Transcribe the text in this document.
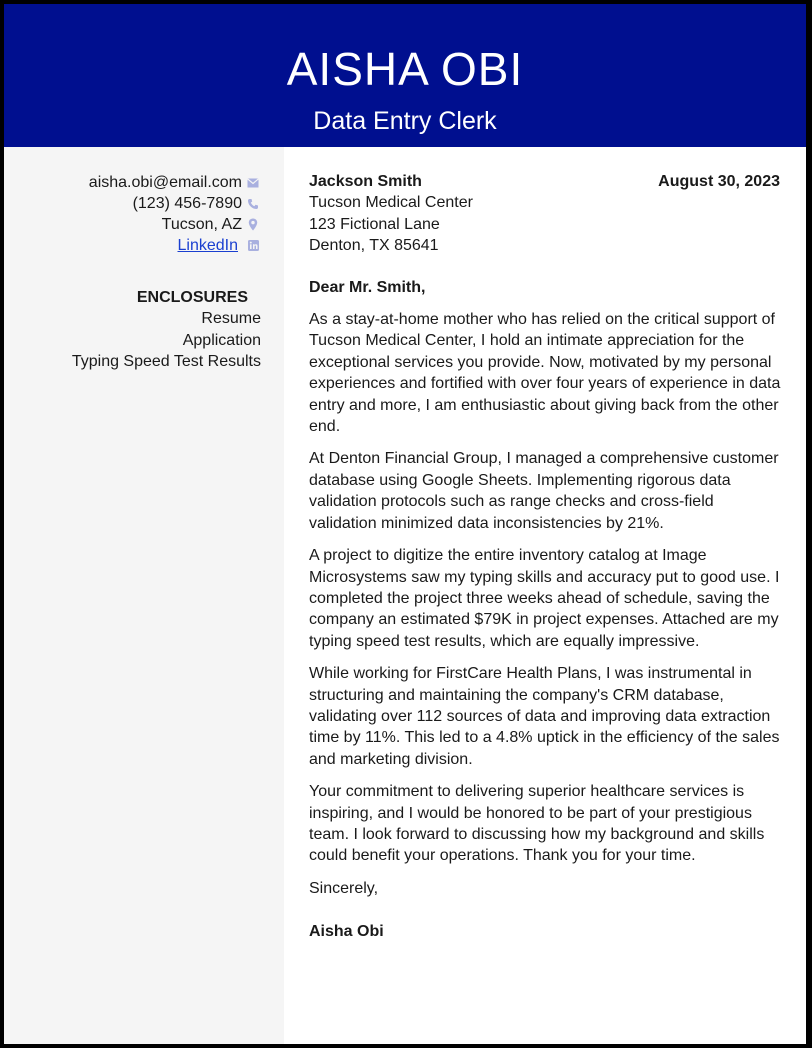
AISHA OBI
Data Entry Clerk
aisha.obi@email.com
(123) 456-7890
Tucson, AZ
LinkedIn
ENCLOSURES
Resume
Application
Typing Speed Test Results
Jackson Smith	August 30, 2023
Tucson Medical Center
123 Fictional Lane
Denton, TX 85641
Dear Mr. Smith,
As a stay-at-home mother who has relied on the critical support of Tucson Medical Center, I hold an intimate appreciation for the exceptional services you provide. Now, motivated by my personal experiences and fortified with over four years of experience in data entry and more, I am enthusiastic about giving back from the other end.
At Denton Financial Group, I managed a comprehensive customer database using Google Sheets. Implementing rigorous data validation protocols such as range checks and cross-field validation minimized data inconsistencies by 21%.
A project to digitize the entire inventory catalog at Image Microsystems saw my typing skills and accuracy put to good use. I completed the project three weeks ahead of schedule, saving the company an estimated $79K in project expenses. Attached are my typing speed test results, which are equally impressive.
While working for FirstCare Health Plans, I was instrumental in structuring and maintaining the company's CRM database, validating over 112 sources of data and improving data extraction time by 11%. This led to a 4.8% uptick in the efficiency of the sales and marketing division.
Your commitment to delivering superior healthcare services is inspiring, and I would be honored to be part of your prestigious team. I look forward to discussing how my background and skills could benefit your operations. Thank you for your time.
Sincerely,
Aisha Obi
